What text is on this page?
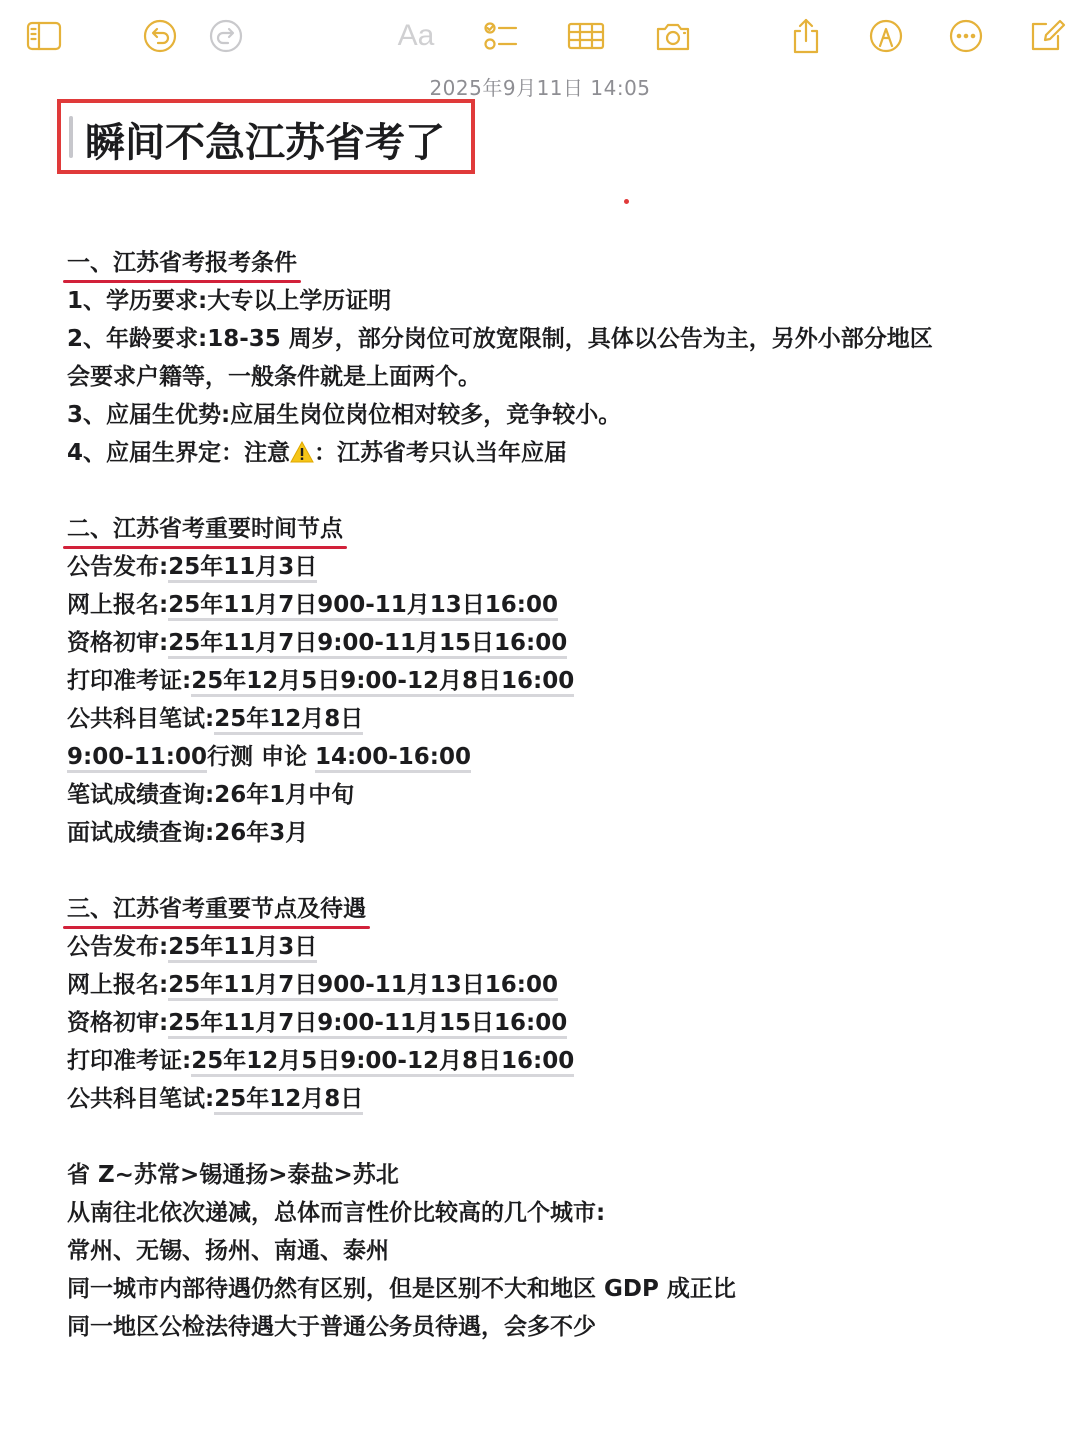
Aa
2025年9月11日 14:05
瞬间不急江苏省考了
一、江苏省考报考条件
1、学历要求:大专以上学历证明
2、年龄要求:18-35 周岁，部分岗位可放宽限制，具体以公告为主，另外小部分地区
会要求户籍等，一般条件就是上面两个。
3、应届生优势:应届生岗位岗位相对较多，竞争较小。
4、应届生界定：注意 ：江苏省考只认当年应届
二、江苏省考重要时间节点
公告发布:25年11月3日
网上报名:25年11月7日900-11月13日16:00
资格初审:25年11月7日9:00-11月15日16:00
打印准考证:25年12月5日9:00-12月8日16:00
公共科目笔试:25年12月8日
9:00-11:00行测 申论 14:00-16:00
笔试成绩查询:26年1月中旬
面试成绩查询:26年3月
三、江苏省考重要节点及待遇
公告发布:25年11月3日
网上报名:25年11月7日900-11月13日16:00
资格初审:25年11月7日9:00-11月15日16:00
打印准考证:25年12月5日9:00-12月8日16:00
公共科目笔试:25年12月8日
省 Z~苏常>锡通扬>泰盐>苏北
从南往北依次递减，总体而言性价比较高的几个城市:
常州、无锡、扬州、南通、泰州
同一城市内部待遇仍然有区别，但是区别不大和地区 GDP 成正比
同一地区公检法待遇大于普通公务员待遇，会多不少
